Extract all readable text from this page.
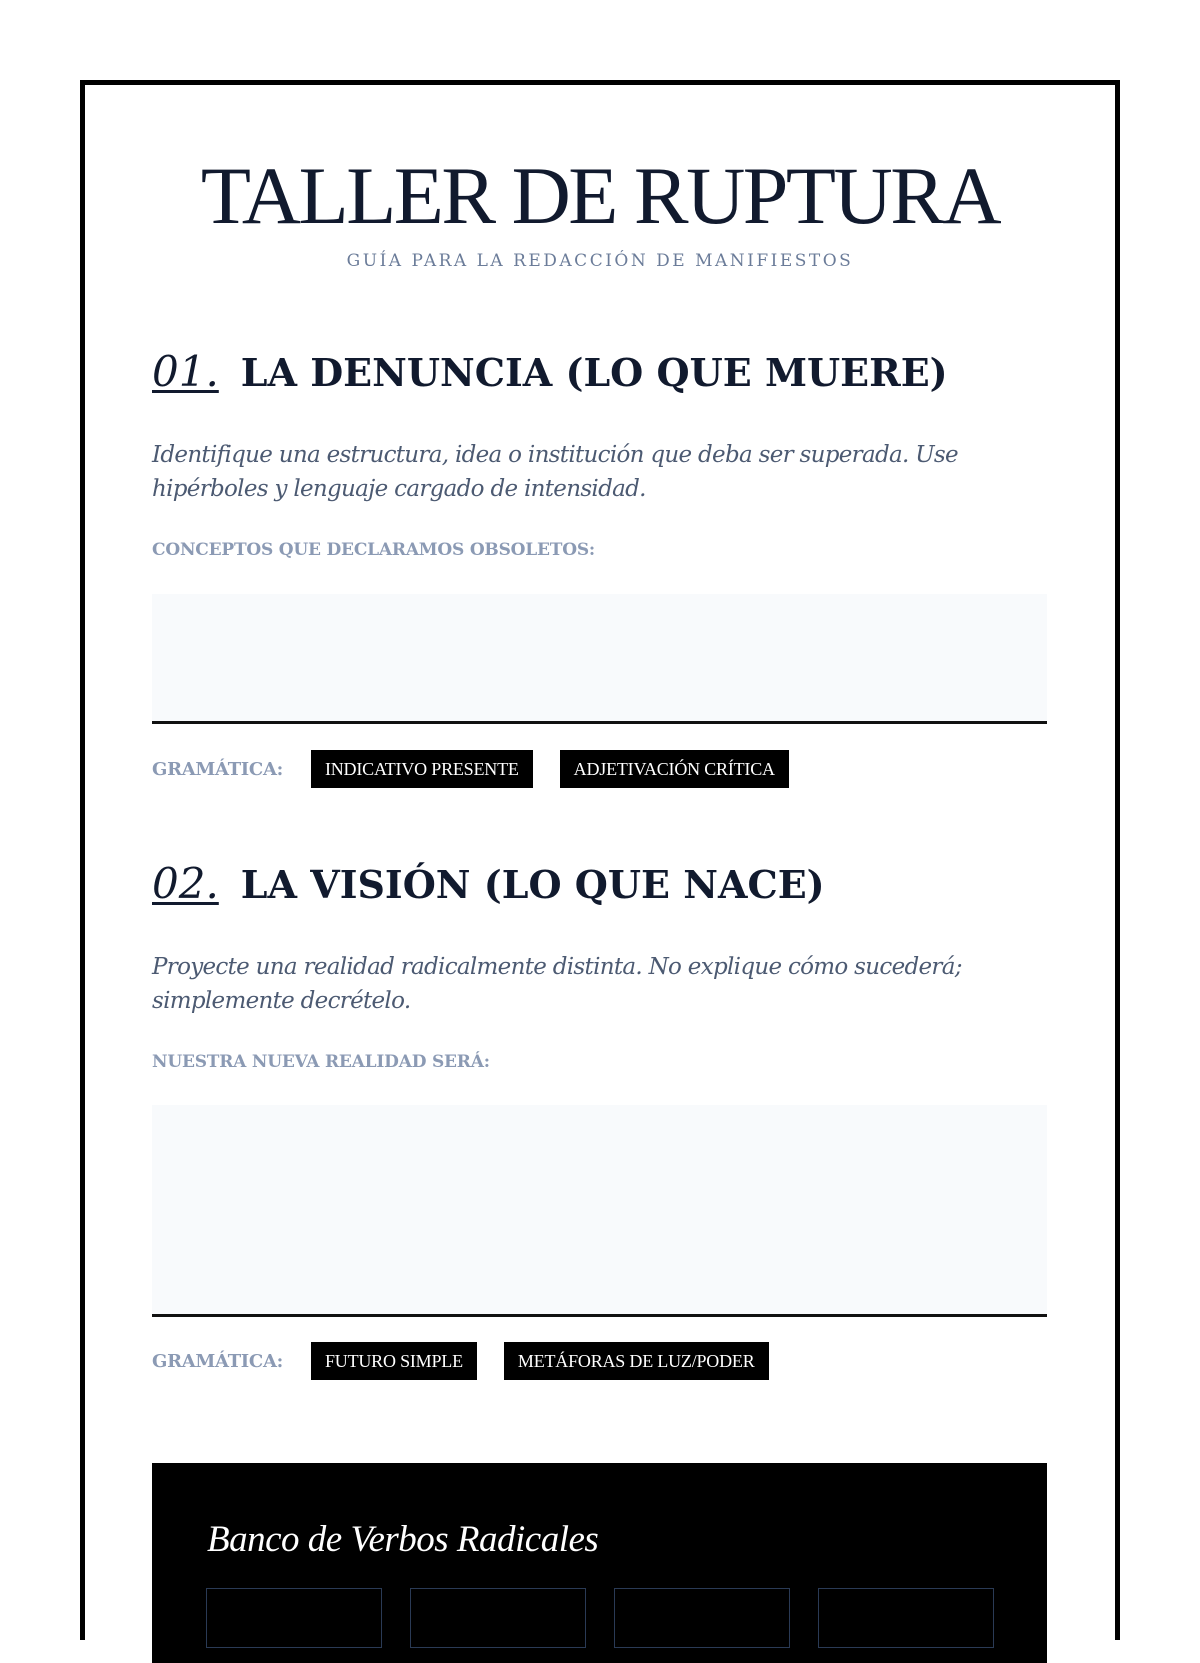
TALLER DE RUPTURA
GUÍA PARA LA REDACCIÓN DE MANIFIESTOS
01. LA DENUNCIA (LO QUE MUERE)
Identifique una estructura, idea o institución que deba ser superada. Use hipérboles y lenguaje cargado de intensidad.
CONCEPTOS QUE DECLARAMOS OBSOLETOS:
GRAMÁTICA:	INDICATIVO PRESENTE	ADJETIVACIÓN CRÍTICA
02. LA VISIÓN (LO QUE NACE)
Proyecte una realidad radicalmente distinta. No explique cómo sucederá; simplemente decrételo.
NUESTRA NUEVA REALIDAD SERÁ:
GRAMÁTICA:	FUTURO SIMPLE	METÁFORAS DE LUZ/PODER
Banco de Verbos Radicales
